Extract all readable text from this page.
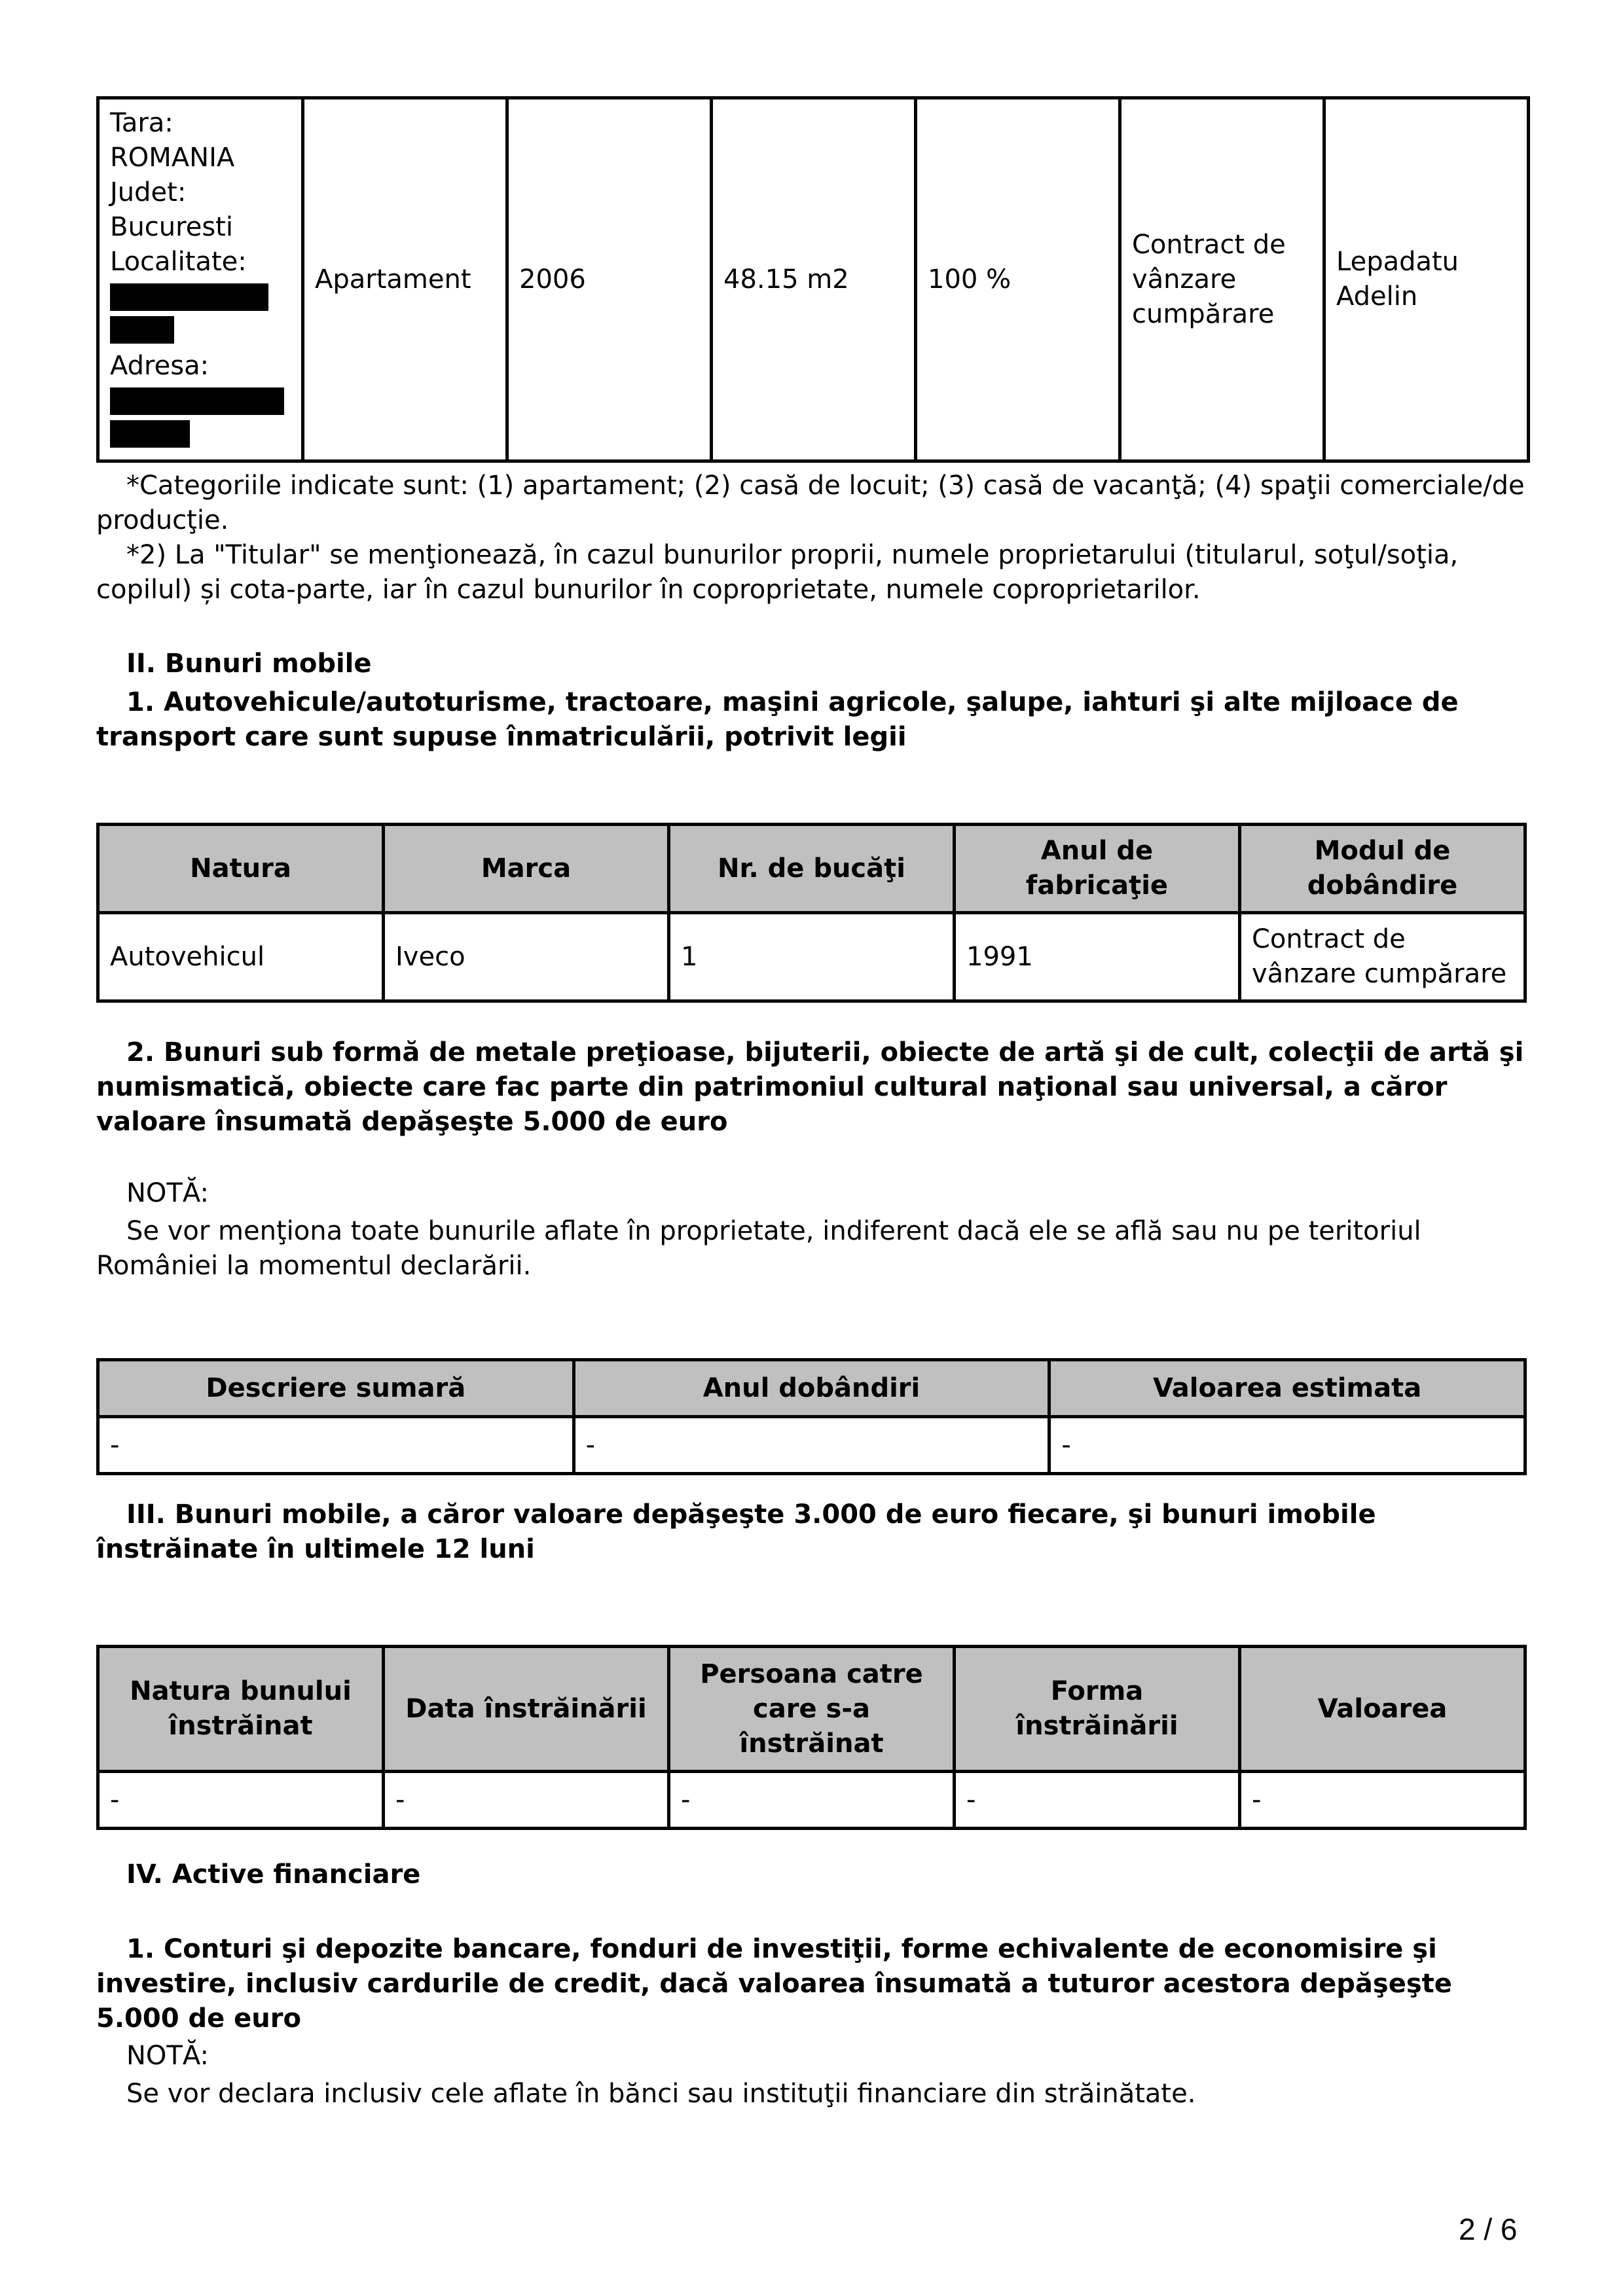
Tara:
ROMANIA
Judet:
Bucuresti
Localitate:
Adresa:
	Apartament	2006	48.15 m2	100 %	Contract de vânzare cumpărare	Lepadatu Adelin

*Categoriile indicate sunt: (1) apartament; (2) casă de locuit; (3) casă de vacanţă; (4) spaţii comerciale/de producţie.

*2) La "Titular" se menţionează, în cazul bunurilor proprii, numele proprietarului (titularul, soţul/soţia, copilul) și cota-parte, iar în cazul bunurilor în coproprietate, numele coproprietarilor.

II. Bunuri mobile

1. Autovehicule/autoturisme, tractoare, maşini agricole, şalupe, iahturi şi alte mijloace de transport care sunt supuse înmatriculării, potrivit legii

Natura	Marca	Nr. de bucăţi	Anul de fabricaţie	Modul de dobândire
Autovehicul	Iveco	1	1991	Contract de vânzare cumpărare

2. Bunuri sub formă de metale preţioase, bijuterii, obiecte de artă şi de cult, colecţii de artă şi numismatică, obiecte care fac parte din patrimoniul cultural naţional sau universal, a căror valoare însumată depăşeşte 5.000 de euro

NOTĂ:

Se vor menţiona toate bunurile aflate în proprietate, indiferent dacă ele se află sau nu pe teritoriul României la momentul declarării.

Descriere sumară	Anul dobândiri	Valoarea estimata
-	-	-

III. Bunuri mobile, a căror valoare depăşeşte 3.000 de euro fiecare, şi bunuri imobile înstrăinate în ultimele 12 luni

Natura bunului înstrăinat	Data înstrăinării	Persoana catre care s-a înstrăinat	Forma înstrăinării	Valoarea
-	-	-	-	-

IV. Active financiare

1. Conturi şi depozite bancare, fonduri de investiţii, forme echivalente de economisire şi investire, inclusiv cardurile de credit, dacă valoarea însumată a tuturor acestora depăşeşte 5.000 de euro

NOTĂ:

Se vor declara inclusiv cele aflate în bănci sau instituţii financiare din străinătate.

2 / 6
